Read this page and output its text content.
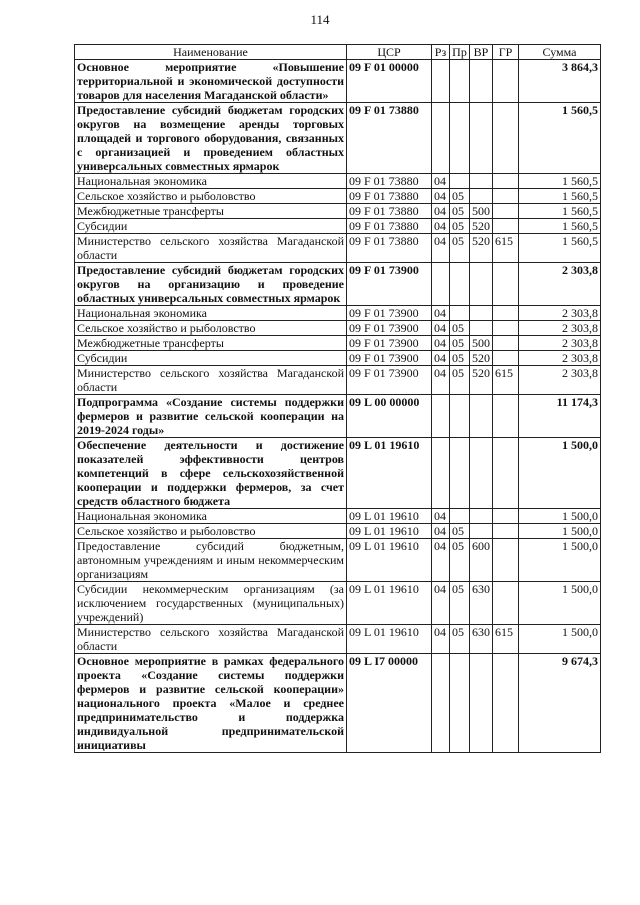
114
Наименование	ЦСР	Рз	Пр	ВР	ГР	Сумма
Основное мероприятие «Повышение территориальной и экономической доступности товаров для населения Магаданской области»	09 F 01 00000					3 864,3
Предоставление субсидий бюджетам городских округов на возмещение аренды торговых площадей и торгового оборудования, связанных с организацией и проведением областных универсальных совместных ярмарок	09 F 01 73880					1 560,5
Национальная экономика	09 F 01 73880	04				1 560,5
Сельское хозяйство и рыболовство	09 F 01 73880	04	05			1 560,5
Межбюджетные трансферты	09 F 01 73880	04	05	500		1 560,5
Субсидии	09 F 01 73880	04	05	520		1 560,5
Министерство сельского хозяйства Магаданской области	09 F 01 73880	04	05	520	615	1 560,5
Предоставление субсидий бюджетам городских округов на организацию и проведение областных универсальных совместных ярмарок	09 F 01 73900					2 303,8
Национальная экономика	09 F 01 73900	04				2 303,8
Сельское хозяйство и рыболовство	09 F 01 73900	04	05			2 303,8
Межбюджетные трансферты	09 F 01 73900	04	05	500		2 303,8
Субсидии	09 F 01 73900	04	05	520		2 303,8
Министерство сельского хозяйства Магаданской области	09 F 01 73900	04	05	520	615	2 303,8
Подпрограмма «Создание системы поддержки фермеров и развитие сельской кооперации на 2019-2024 годы»	09 L 00 00000					11 174,3
Обеспечение деятельности и достижение показателей эффективности центров компетенций в сфере сельскохозяйственной кооперации и поддержки фермеров, за счет средств областного бюджета	09 L 01 19610					1 500,0
Национальная экономика	09 L 01 19610	04				1 500,0
Сельское хозяйство и рыболовство	09 L 01 19610	04	05			1 500,0
Предоставление субсидий бюджетным, автономным учреждениям и иным некоммерческим организациям	09 L 01 19610	04	05	600		1 500,0
Субсидии некоммерческим организациям (за исключением государственных (муниципальных) учреждений)	09 L 01 19610	04	05	630		1 500,0
Министерство сельского хозяйства Магаданской области	09 L 01 19610	04	05	630	615	1 500,0
Основное мероприятие в рамках федерального проекта «Создание системы поддержки фермеров и развитие сельской кооперации» национального проекта «Малое и среднее предпринимательство и поддержка индивидуальной предпринимательской инициативы	09 L I7 00000					9 674,3
